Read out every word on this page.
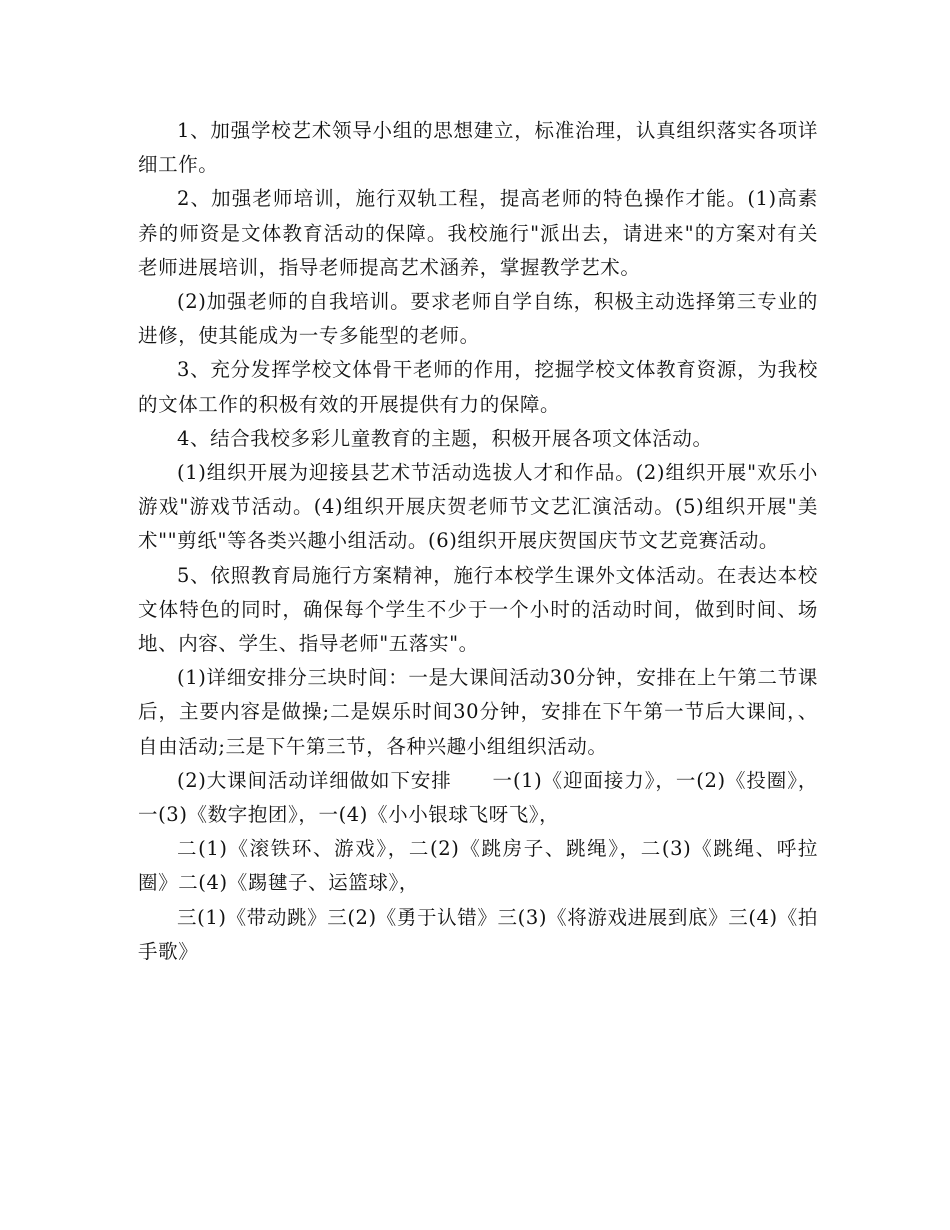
1、加强学校艺术领导小组的思想建立，标准治理，认真组织落实各项详细工作。

2、加强老师培训，施行双轨工程，提高老师的特色操作才能。(1)高素养的师资是文体教育活动的保障。我校施行"派出去，请进来"的方案对有关老师进展培训，指导老师提高艺术涵养，掌握教学艺术。

(2)加强老师的自我培训。要求老师自学自练，积极主动选择第三专业的进修，使其能成为一专多能型的老师。

3、充分发挥学校文体骨干老师的作用，挖掘学校文体教育资源，为我校的文体工作的积极有效的开展提供有力的保障。

4、结合我校多彩儿童教育的主题，积极开展各项文体活动。

(1)组织开展为迎接县艺术节活动选拔人才和作品。(2)组织开展"欢乐小游戏"游戏节活动。(4)组织开展庆贺老师节文艺汇演活动。(5)组织开展"美术""剪纸"等各类兴趣小组活动。(6)组织开展庆贺国庆节文艺竞赛活动。

5、依照教育局施行方案精神，施行本校学生课外文体活动。在表达本校文体特色的同时，确保每个学生不少于一个小时的活动时间，做到时间、场地、内容、学生、指导老师"五落实"。

(1)详细安排分三块时间：一是大课间活动30分钟，安排在上午第二节课后，主要内容是做操;二是娱乐时间30分钟，安排在下午第一节后大课间，、自由活动;三是下午第三节，各种兴趣小组组织活动。

(2)大课间活动详细做如下安排　　一(1)《迎面接力》，一(2)《投圈》，一(3)《数字抱团》，一(4)《小小银球飞呀飞》，

二(1)《滚铁环、游戏》，二(2)《跳房子、跳绳》，二(3)《跳绳、呼拉圈》二(4)《踢毽子、运篮球》，

三(1)《带动跳》三(2)《勇于认错》三(3)《将游戏进展到底》三(4)《拍手歌》
